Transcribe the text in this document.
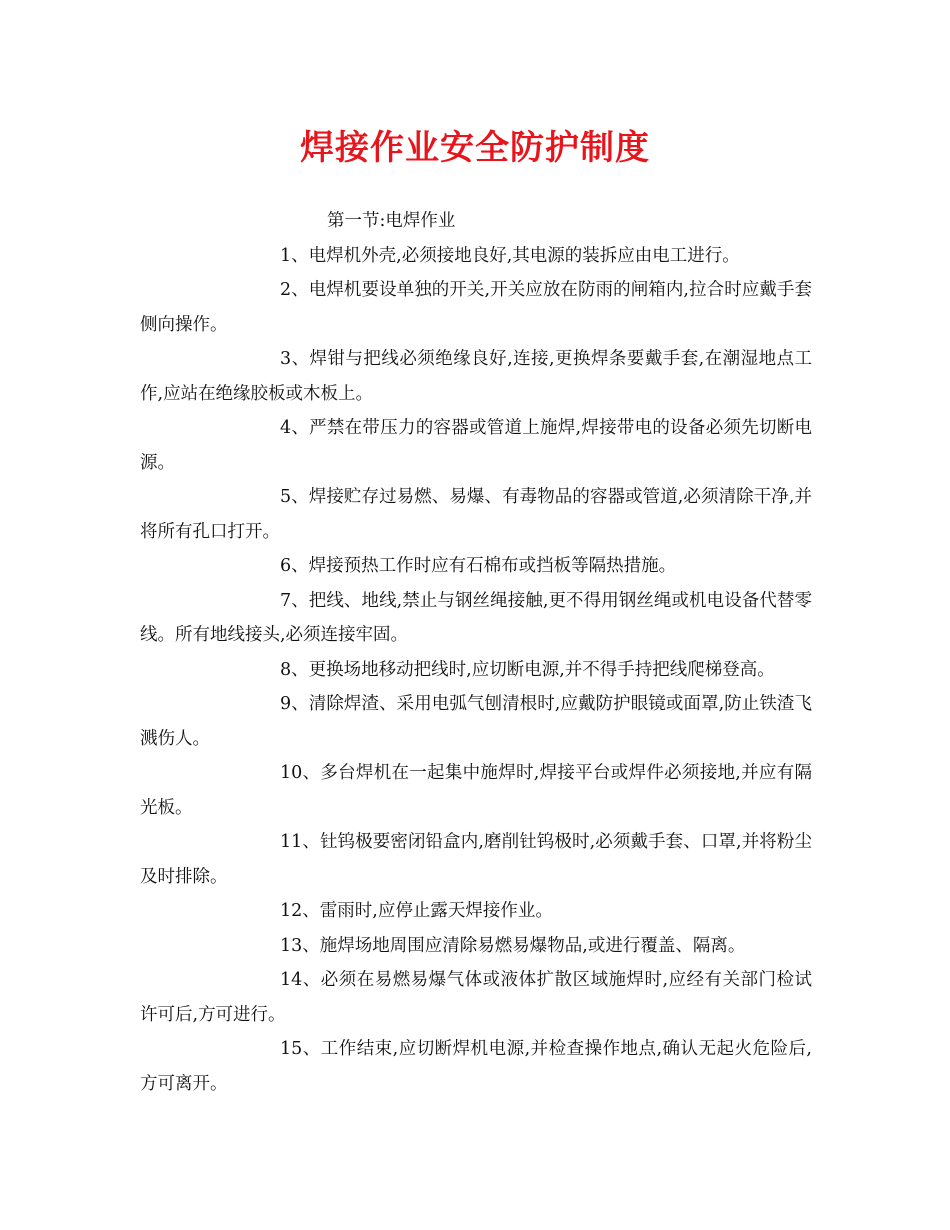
焊接作业安全防护制度

第一节:电焊作业

1、电焊机外壳,必须接地良好,其电源的装拆应由电工进行。

2、电焊机要设单独的开关,开关应放在防雨的闸箱内,拉合时应戴手套侧向操作。

3、焊钳与把线必须绝缘良好,连接,更换焊条要戴手套,在潮湿地点工作,应站在绝缘胶板或木板上。

4、严禁在带压力的容器或管道上施焊,焊接带电的设备必须先切断电源。

5、焊接贮存过易燃、易爆、有毒物品的容器或管道,必须清除干净,并将所有孔口打开。

6、焊接预热工作时应有石棉布或挡板等隔热措施。

7、把线、地线,禁止与钢丝绳接触,更不得用钢丝绳或机电设备代替零线。所有地线接头,必须连接牢固。

8、更换场地移动把线时,应切断电源,并不得手持把线爬梯登高。

9、清除焊渣、采用电弧气刨清根时,应戴防护眼镜或面罩,防止铁渣飞溅伤人。

10、多台焊机在一起集中施焊时,焊接平台或焊件必须接地,并应有隔光板。

11、钍钨极要密闭铅盒内,磨削钍钨极时,必须戴手套、口罩,并将粉尘及时排除。

12、雷雨时,应停止露天焊接作业。

13、施焊场地周围应清除易燃易爆物品,或进行覆盖、隔离。

14、必须在易燃易爆气体或液体扩散区域施焊时,应经有关部门检试许可后,方可进行。

15、工作结束,应切断焊机电源,并检查操作地点,确认无起火危险后,方可离开。
